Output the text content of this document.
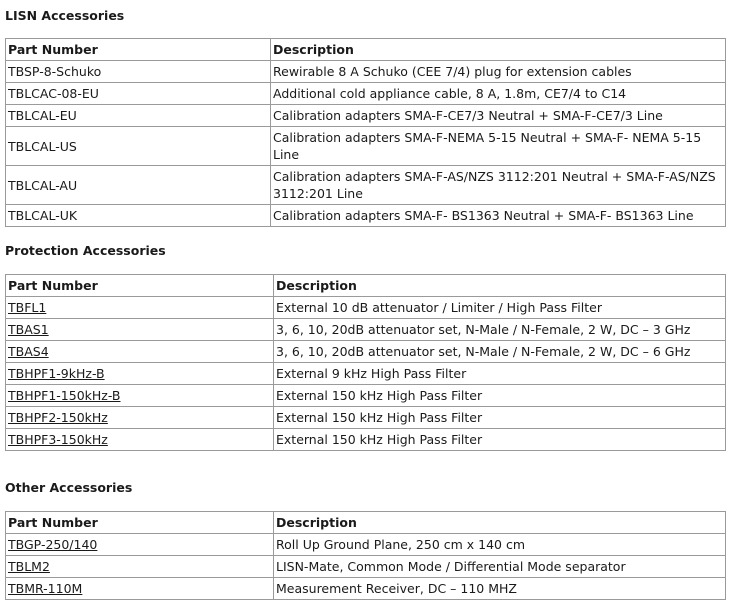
LISN Accessories
Part Number	Description
TBSP-8-Schuko	Rewirable 8 A Schuko (CEE 7/4) plug for extension cables
TBLCAC-08-EU	Additional cold appliance cable, 8 A, 1.8m, CE7/4 to C14
TBLCAL-EU	Calibration adapters SMA-F-CE7/3 Neutral + SMA-F-CE7/3 Line
TBLCAL-US	Calibration adapters SMA-F-NEMA 5-15 Neutral + SMA-F- NEMA 5-15 Line
TBLCAL-AU	Calibration adapters SMA-F-AS/NZS 3112:201 Neutral + SMA-F-AS/NZS 3112:201 Line
TBLCAL-UK	Calibration adapters SMA-F- BS1363 Neutral + SMA-F- BS1363 Line
Protection Accessories
Part Number	Description
TBFL1	External 10 dB attenuator / Limiter / High Pass Filter
TBAS1	3, 6, 10, 20dB attenuator set, N-Male / N-Female, 2 W, DC – 3 GHz
TBAS4	3, 6, 10, 20dB attenuator set, N-Male / N-Female, 2 W, DC – 6 GHz
TBHPF1-9kHz-B	External 9 kHz High Pass Filter
TBHPF1-150kHz-B	External 150 kHz High Pass Filter
TBHPF2-150kHz	External 150 kHz High Pass Filter
TBHPF3-150kHz	External 150 kHz High Pass Filter
Other Accessories
Part Number	Description
TBGP-250/140	Roll Up Ground Plane, 250 cm x 140 cm
TBLM2	LISN-Mate, Common Mode / Differential Mode separator
TBMR-110M	Measurement Receiver, DC – 110 MHZ
